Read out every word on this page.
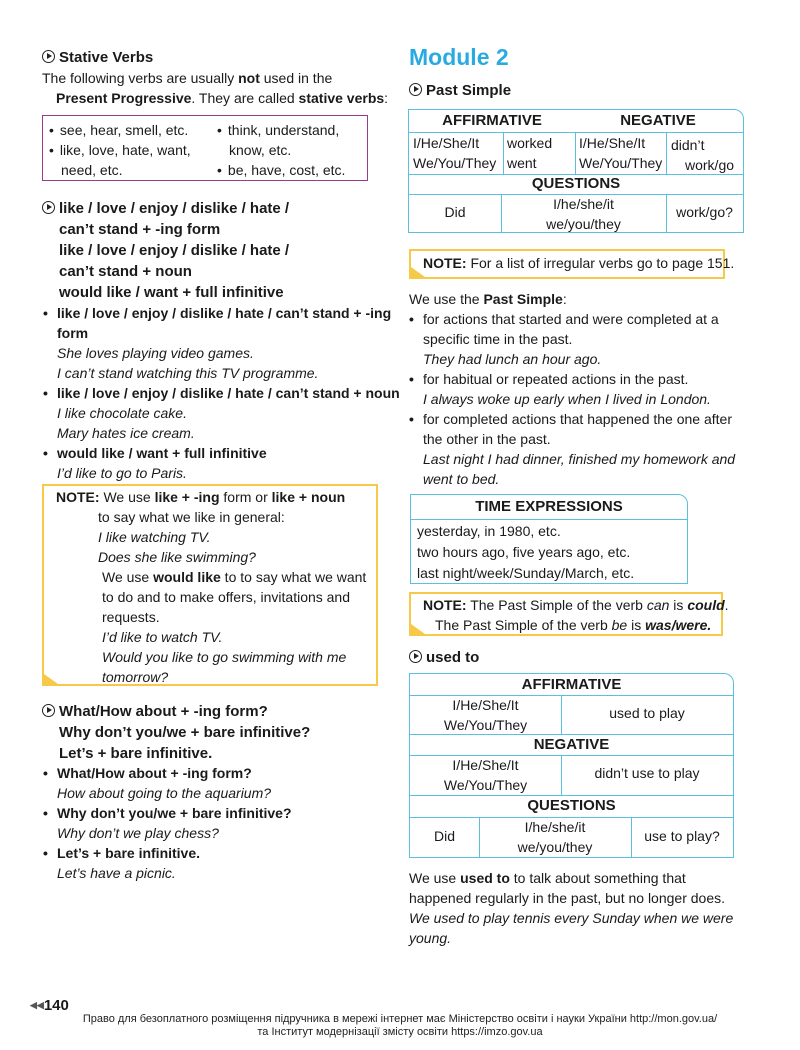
Stative Verbs
The following verbs are usually not used in the
Present Progressive. They are called stative verbs:
• see, hear, smell, etc.
• like, love, hate, want,
need, etc.
• think, understand,
know, etc.
• be, have, cost, etc.
like / love / enjoy / dislike / hate /
can’t stand + -ing form
like / love / enjoy / dislike / hate /
can’t stand + noun
would like / want + full infinitive
• like / love / enjoy / dislike / hate / can’t stand + -ing
form
She loves playing video games.
I can’t stand watching this TV programme.
• like / love / enjoy / dislike / hate / can’t stand + noun
I like chocolate cake.
Mary hates ice cream.
• would like / want + full infinitive
I’d like to go to Paris.
NOTE: We use like + -ing form or like + noun
to say what we like in general:
I like watching TV.
Does she like swimming?
We use would like to to say what we want
to do and to make offers, invitations and
requests.
I’d like to watch TV.
Would you like to go swimming with me
tomorrow?
What/How about + -ing form?
Why don’t you/we + bare infinitive?
Let’s + bare infinitive.
• What/How about + -ing form?
How about going to the aquarium?
• Why don’t you/we + bare infinitive?
Why don’t we play chess?
• Let’s + bare infinitive.
Let’s have a picnic.
Module 2
Past Simple
AFFIRMATIVE	NEGATIVE
I/He/She/It
We/You/They
worked
went
I/He/She/It
We/You/They
didn’t
work/go
QUESTIONS
Did	I/he/she/it
we/you/they
work/go?
NOTE: For a list of irregular verbs go to page 151.
We use the Past Simple:
• for actions that started and were completed at a
specific time in the past.
They had lunch an hour ago.
• for habitual or repeated actions in the past.
I always woke up early when I lived in London.
• for completed actions that happened the one after
the other in the past.
Last night I had dinner, finished my homework and
went to bed.
TIME EXPRESSIONS
yesterday, in 1980, etc.
two hours ago, five years ago, etc.
last night/week/Sunday/March, etc.
NOTE: The Past Simple of the verb can is could.
The Past Simple of the verb be is was/were.
used to
AFFIRMATIVE
I/He/She/It
We/You/They
used to play
NEGATIVE
I/He/She/It
We/You/They
didn’t use to play
QUESTIONS
Did
I/he/she/it
we/you/they
use to play?
We use used to to talk about something that
happened regularly in the past, but no longer does.
We used to play tennis every Sunday when we were
young.
◀◀140
Право для безоплатного розміщення підручника в мережі інтернет має Міністерство освіти і науки України http://mon.gov.ua/
та Інститут модернізації змісту освіти https://imzo.gov.ua
